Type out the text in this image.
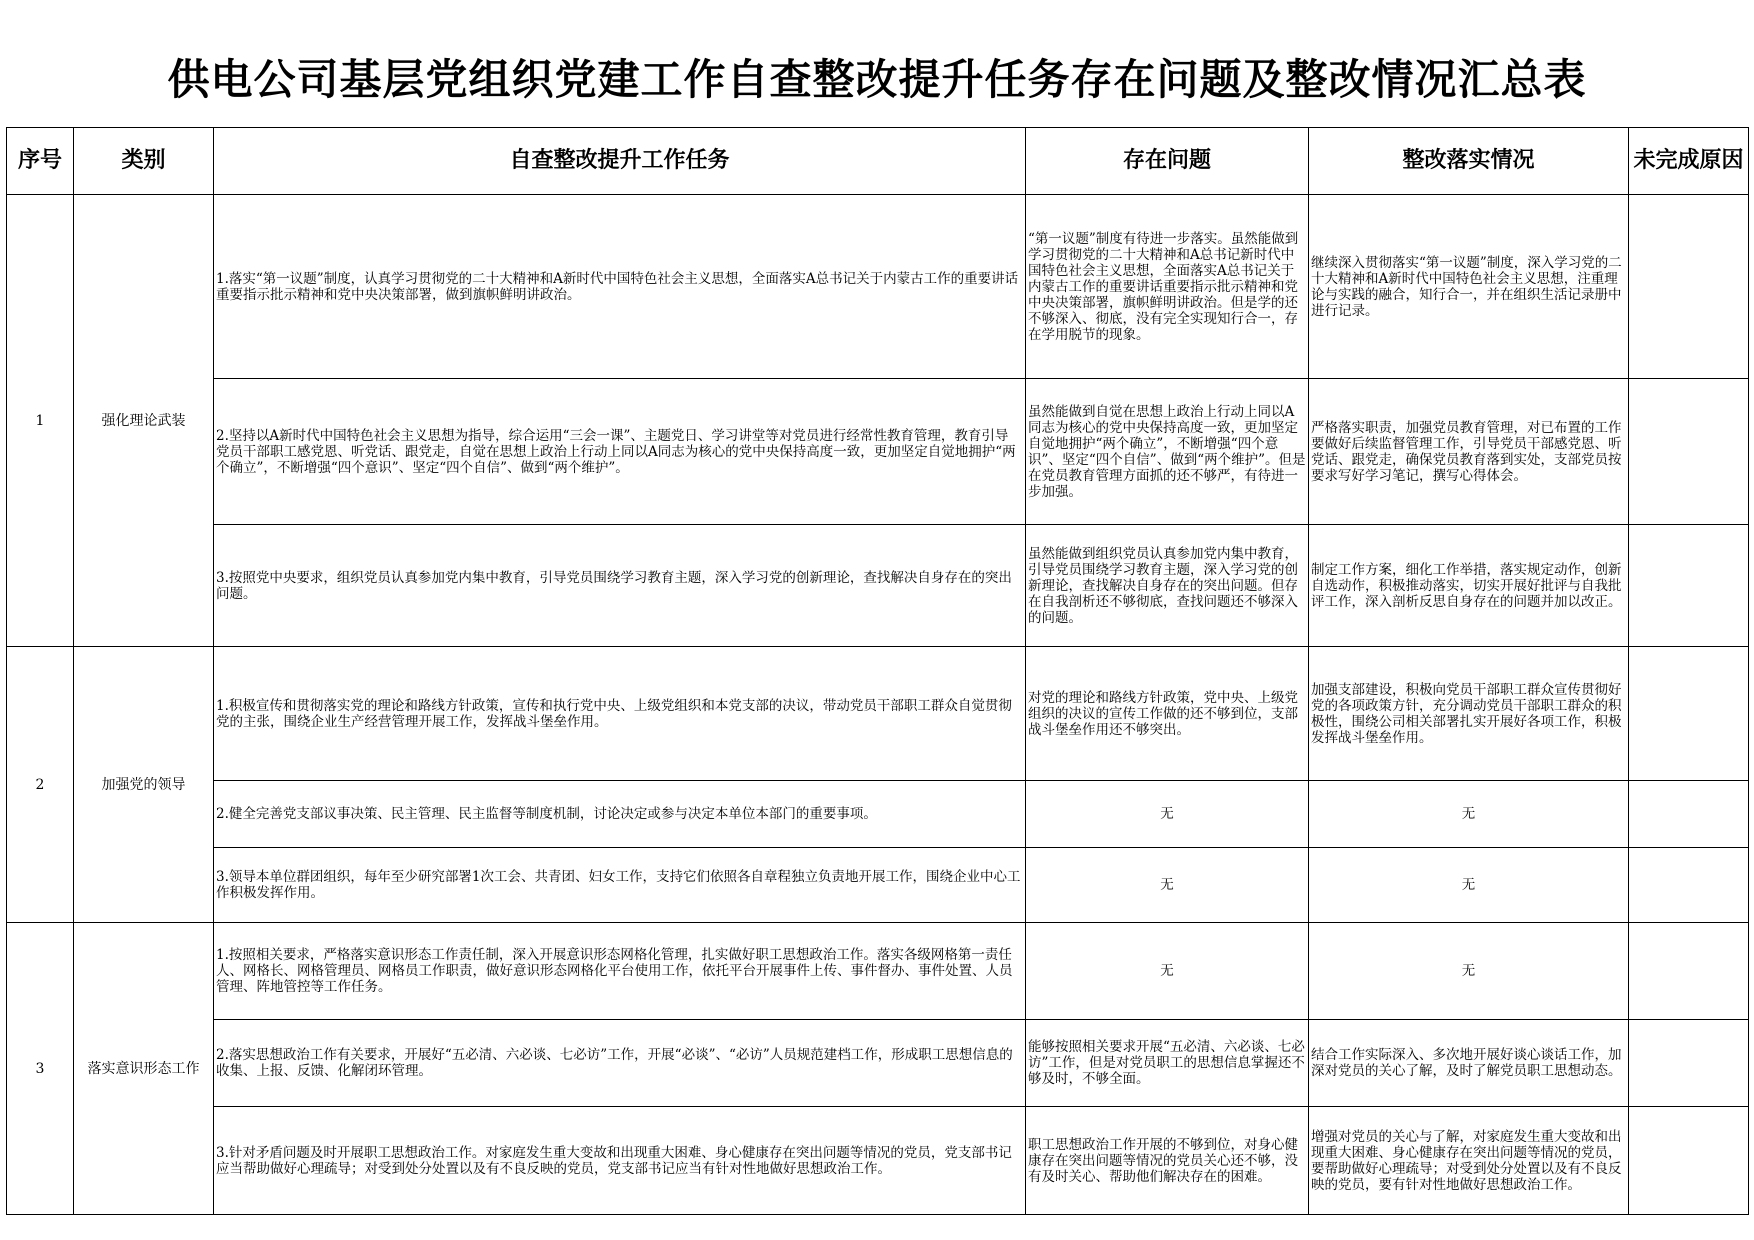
供电公司基层党组织党建工作自查整改提升任务存在问题及整改情况汇总表
序号	类别	自查整改提升工作任务	存在问题	整改落实情况	未完成原因
1	强化理论武装	1.落实“第一议题”制度，认真学习贯彻党的二十大精神和A新时代中国特色社会主义思想，全面落实A总书记关于内蒙古工作的重要讲话重要指示批示精神和党中央决策部署，做到旗帜鲜明讲政治。	“第一议题”制度有待进一步落实。虽然能做到学习贯彻党的二十大精神和A总书记新时代中国特色社会主义思想，全面落实A总书记关于内蒙古工作的重要讲话重要指示批示精神和党中央决策部署，旗帜鲜明讲政治。但是学的还不够深入、彻底，没有完全实现知行合一，存在学用脱节的现象。	继续深入贯彻落实“第一议题”制度，深入学习党的二十大精神和A新时代中国特色社会主义思想，注重理论与实践的融合，知行合一，并在组织生活记录册中进行记录。	
		2.坚持以A新时代中国特色社会主义思想为指导，综合运用“三会一课”、主题党日、学习讲堂等对党员进行经常性教育管理，教育引导党员干部职工感党恩、听党话、跟党走，自觉在思想上政治上行动上同以A同志为核心的党中央保持高度一致，更加坚定自觉地拥护“两个确立”，不断增强“四个意识”、坚定“四个自信”、做到“两个维护”。	虽然能做到自觉在思想上政治上行动上同以A同志为核心的党中央保持高度一致，更加坚定自觉地拥护“两个确立”，不断增强“四个意识”、坚定“四个自信”、做到“两个维护”。但是在党员教育管理方面抓的还不够严，有待进一步加强。	严格落实职责，加强党员教育管理，对已布置的工作要做好后续监督管理工作，引导党员干部感党恩、听党话、跟党走，确保党员教育落到实处，支部党员按要求写好学习笔记，撰写心得体会。	
		3.按照党中央要求，组织党员认真参加党内集中教育，引导党员围绕学习教育主题，深入学习党的创新理论，查找解决自身存在的突出问题。	虽然能做到组织党员认真参加党内集中教育，引导党员围绕学习教育主题，深入学习党的创新理论，查找解决自身存在的突出问题。但存在自我剖析还不够彻底，查找问题还不够深入的问题。	制定工作方案，细化工作举措，落实规定动作，创新自选动作，积极推动落实，切实开展好批评与自我批评工作，深入剖析反思自身存在的问题并加以改正。	
2	加强党的领导	1.积极宣传和贯彻落实党的理论和路线方针政策，宣传和执行党中央、上级党组织和本党支部的决议，带动党员干部职工群众自觉贯彻党的主张，围绕企业生产经营管理开展工作，发挥战斗堡垒作用。	对党的理论和路线方针政策，党中央、上级党组织的决议的宣传工作做的还不够到位，支部战斗堡垒作用还不够突出。	加强支部建设，积极向党员干部职工群众宣传贯彻好党的各项政策方针，充分调动党员干部职工群众的积极性，围绕公司相关部署扎实开展好各项工作，积极发挥战斗堡垒作用。	
		2.健全完善党支部议事决策、民主管理、民主监督等制度机制，讨论决定或参与决定本单位本部门的重要事项。	无	无	
		3.领导本单位群团组织，每年至少研究部署1次工会、共青团、妇女工作，支持它们依照各自章程独立负责地开展工作，围绕企业中心工作积极发挥作用。	无	无	
3	落实意识形态工作	1.按照相关要求，严格落实意识形态工作责任制，深入开展意识形态网格化管理，扎实做好职工思想政治工作。落实各级网格第一责任人、网格长、网格管理员、网格员工作职责，做好意识形态网格化平台使用工作，依托平台开展事件上传、事件督办、事件处置、人员管理、阵地管控等工作任务。	无	无	
		2.落实思想政治工作有关要求，开展好“五必清、六必谈、七必访”工作，开展“必谈”、“必访”人员规范建档工作，形成职工思想信息的收集、上报、反馈、化解闭环管理。	能够按照相关要求开展“五必清、六必谈、七必访”工作，但是对党员职工的思想信息掌握还不够及时，不够全面。	结合工作实际深入、多次地开展好谈心谈话工作，加深对党员的关心了解，及时了解党员职工思想动态。	
		3.针对矛盾问题及时开展职工思想政治工作。对家庭发生重大变故和出现重大困难、身心健康存在突出问题等情况的党员，党支部书记应当帮助做好心理疏导；对受到处分处置以及有不良反映的党员，党支部书记应当有针对性地做好思想政治工作。	职工思想政治工作开展的不够到位，对身心健康存在突出问题等情况的党员关心还不够，没有及时关心、帮助他们解决存在的困难。	增强对党员的关心与了解，对家庭发生重大变故和出现重大困难、身心健康存在突出问题等情况的党员，要帮助做好心理疏导；对受到处分处置以及有不良反映的党员，要有针对性地做好思想政治工作。	
